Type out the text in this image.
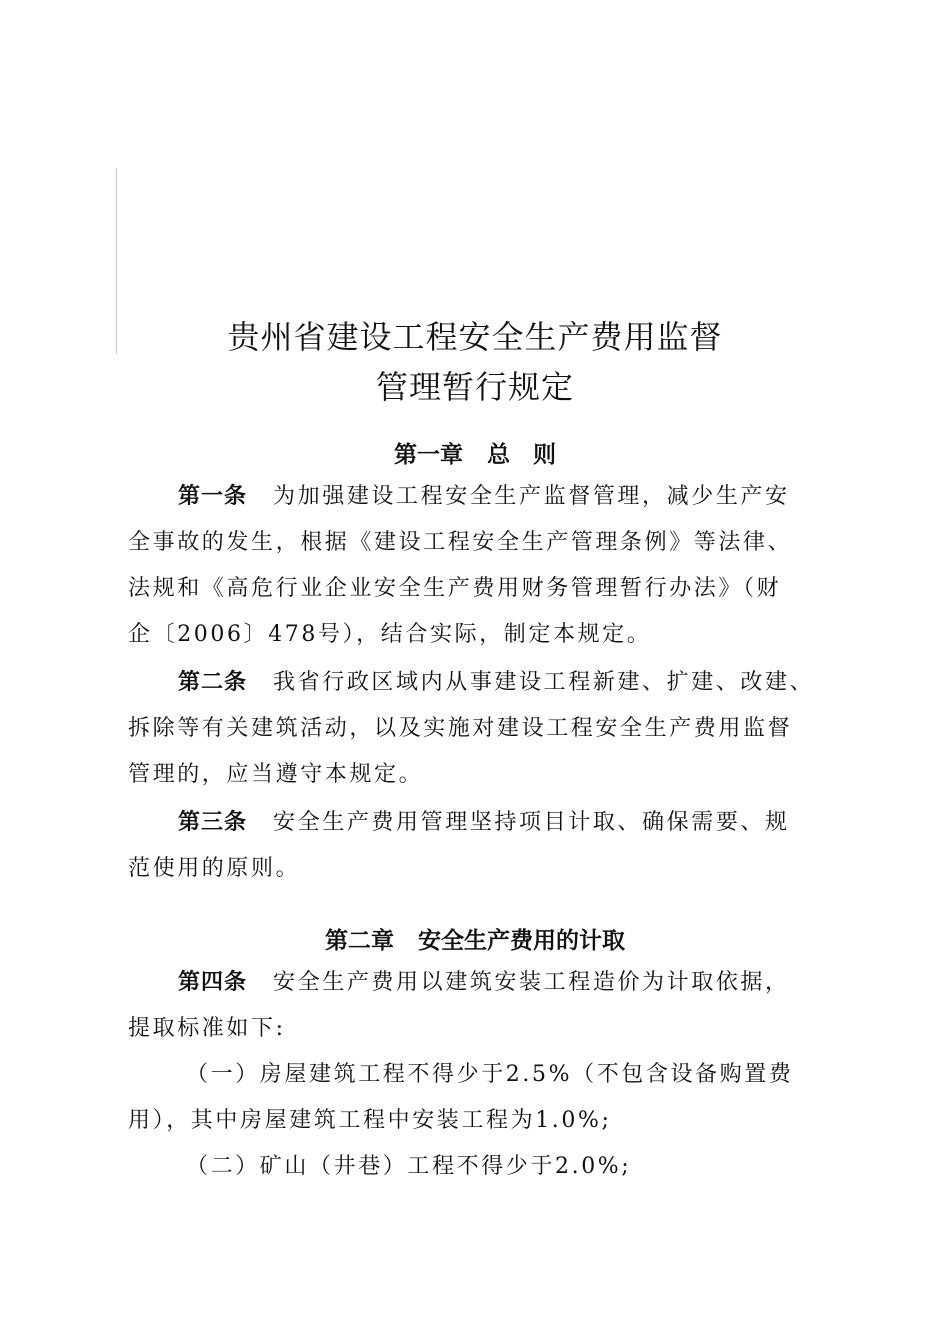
贵州省建设工程安全生产费用监督
管理暂行规定
第一章 总　则
第一条 为加强建设工程安全生产监督管理，减少生产安
全事故的发生，根据《建设工程安全生产管理条例》等法律、
法规和《高危行业企业安全生产费用财务管理暂行办法》（财
企〔2006〕478号），结合实际，制定本规定。
第二条 我省行政区域内从事建设工程新建、扩建、改建、
拆除等有关建筑活动，以及实施对建设工程安全生产费用监督
管理的，应当遵守本规定。
第三条 安全生产费用管理坚持项目计取、确保需要、规
范使用的原则。
第二章 安全生产费用的计取
第四条 安全生产费用以建筑安装工程造价为计取依据，
提取标准如下:
（一）房屋建筑工程不得少于2.5%（不包含设备购置费
用），其中房屋建筑工程中安装工程为1.0%;
（二）矿山（井巷）工程不得少于2.0%;
